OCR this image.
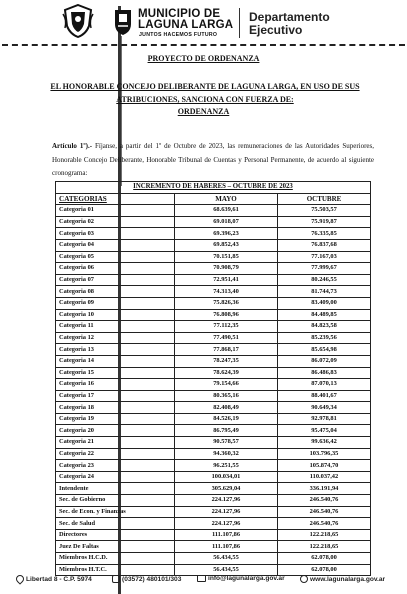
MUNICIPIO DE
LAGUNA LARGA
JUNTOS HACEMOS FUTURO
Departamento
Ejecutivo
PROYECTO DE ORDENANZA
EL HONORABLE CONCEJO DELIBERANTE DE LAGUNA LARGA, EN USO DE SUS ATRIBUCIONES, SANCIONA CON FUERZA DE:
ORDENANZA
Artículo 1º).- Fíjanse, a partir del 1º de Octubre de 2023, las remuneraciones de las Autoridades Superiores, Honorable Concejo Deliberante, Honorable Tribunal de Cuentas y Personal Permanente, de acuerdo al siguiente cronograma:
INCREMENTO DE HABERES – OCTUBRE DE 2023		
CATEGORIAS	MAYO	OCTUBRE
Categoria 01	68.639,61	75.503,57
Categoria 02	69.018,07	75.919,87
Categoria 03	69.396,23	76.335,85
Categoria 04	69.852,43	76.837,68
Categoria 05	70.151,85	77.167,03
Categoria 06	70.908,79	77.999,67
Categoria 07	72.951,41	80.246,55
Categoria 08	74.313,40	81.744,73
Categoria 09	75.826,36	83.409,00
Categoria 10	76.808,96	84.489,85
Categoria 11	77.112,35	84.823,58
Categoria 12	77.490,51	85.239,56
Categoria 13	77.868,17	85.654,98
Categoria 14	78.247,35	86.072,09
Categoria 15	78.624,39	86.486,83
Categoria 16	79.154,66	87.070,13
Categoria 17	80.365,16	88.401,67
Categoria 18	82.408,49	90.649,34
Categoria 19	84.526,19	92.978,81
Categoria 20	86.795,49	95.475,04
Categoria 21	90.578,57	99.636,42
Categoria 22	94.360,32	103.796,35
Categoria 23	96.251,55	105.874,70
Categoria 24	100.034,01	110.037,42
Intendente	305.629,04	336.191,94
Sec. de Gobierno	224.127,96	246.540,76
Sec. de Econ. y Finanzas	224.127,96	246.540,76
Sec. de Salud	224.127,96	246.540,76
Directores	111.107,86	122.218,65
Juez De Faltas	111.107,86	122.218,65
Miembros H.C.D.	56.434,55	62.078,00
Miembros H.T.C.	56.434,55	62.078,00
Libertad 8 - C.P. 5974	(03572) 480101/303	info@lagunalarga.gov.ar	www.lagunalarga.gov.ar
